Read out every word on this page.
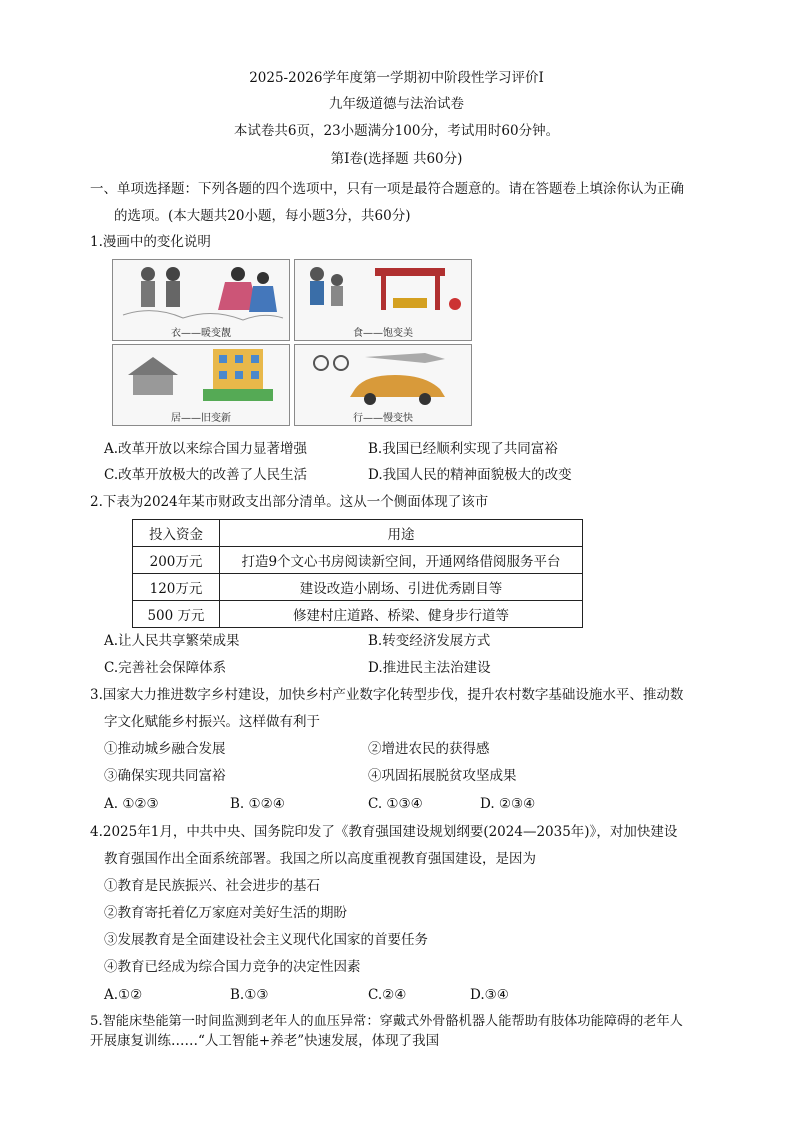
2025-2026学年度第一学期初中阶段性学习评价Ⅰ
九年级道德与法治试卷
本试卷共6页，23小题满分100分，考试用时60分钟。
第Ⅰ卷(选择题 共60分)
一、单项选择题：下列各题的四个选项中，只有一项是最符合题意的。请在答题卷上填涂你认为正确
的选项。(本大题共20小题，每小题3分，共60分)
1.漫画中的变化说明
衣——暖变靓	食——饱变美
居——旧变新	行——慢变快
A.改革开放以来综合国力显著增强	B.我国已经顺利实现了共同富裕
C.改革开放极大的改善了人民生活	D.我国人民的精神面貌极大的改变
2.下表为2024年某市财政支出部分清单。这从一个侧面体现了该市
投入资金	用途
200万元	打造9个文心书房阅读新空间，开通网络借阅服务平台
120万元	建设改造小剧场、引进优秀剧目等
500 万元	修建村庄道路、桥梁、健身步行道等
A.让人民共享繁荣成果	B.转变经济发展方式
C.完善社会保障体系	D.推进民主法治建设
3.国家大力推进数字乡村建设，加快乡村产业数字化转型步伐，提升农村数字基础设施水平、推动数
字文化赋能乡村振兴。这样做有利于
①推动城乡融合发展	②增进农民的获得感
③确保实现共同富裕	④巩固拓展脱贫攻坚成果
A. ①②③	B. ①②④	C. ①③④	D. ②③④
4.2025年1月，中共中央、国务院印发了《教育强国建设规划纲要(2024—2035年)》，对加快建设
教育强国作出全面系统部署。我国之所以高度重视教育强国建设，是因为
①教育是民族振兴、社会进步的基石
②教育寄托着亿万家庭对美好生活的期盼
③发展教育是全面建设社会主义现代化国家的首要任务
④教育已经成为综合国力竞争的决定性因素
A.①②	B.①③	C.②④	D.③④
5.智能床垫能第一时间监测到老年人的血压异常：穿戴式外骨骼机器人能帮助有肢体功能障碍的老年人
开展康复训练……“人工智能+养老”快速发展，体现了我国
